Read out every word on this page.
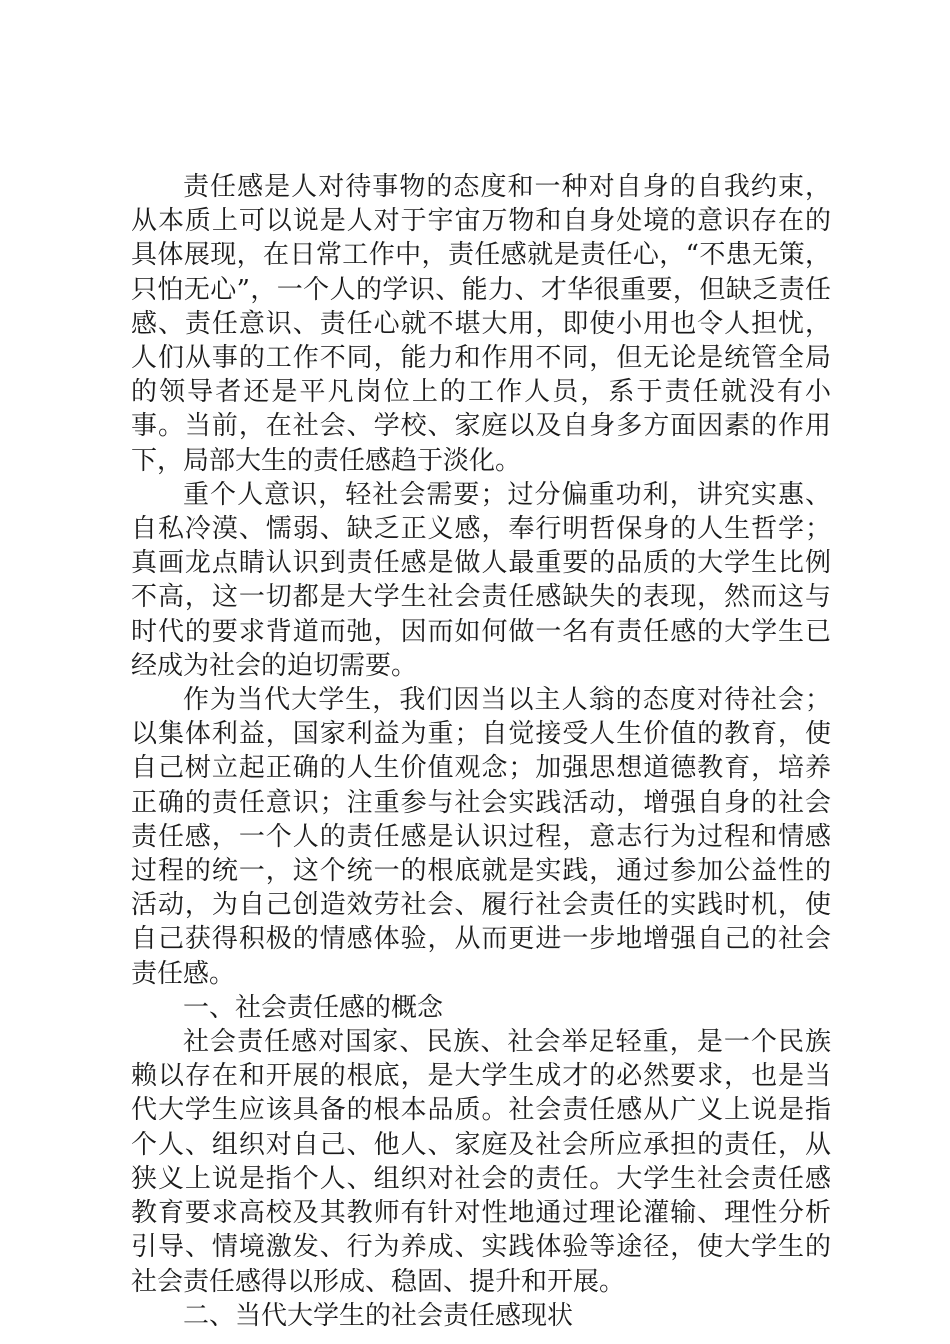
责任感是人对待事物的态度和一种对自身的自我约束，从本质上可以说是人对于宇宙万物和自身处境的意识存在的具体展现，在日常工作中，责任感就是责任心，“不患无策，只怕无心”，一个人的学识、能力、才华很重要，但缺乏责任感、责任意识、责任心就不堪大用，即使小用也令人担忧，人们从事的工作不同，能力和作用不同，但无论是统管全局的领导者还是平凡岗位上的工作人员，系于责任就没有小事。当前，在社会、学校、家庭以及自身多方面因素的作用下，局部大生的责任感趋于淡化。

重个人意识，轻社会需要；过分偏重功利，讲究实惠、自私冷漠、懦弱、缺乏正义感，奉行明哲保身的人生哲学；真画龙点睛认识到责任感是做人最重要的品质的大学生比例不高，这一切都是大学生社会责任感缺失的表现，然而这与时代的要求背道而弛，因而如何做一名有责任感的大学生已经成为社会的迫切需要。

作为当代大学生，我们因当以主人翁的态度对待社会；以集体利益，国家利益为重；自觉接受人生价值的教育，使自己树立起正确的人生价值观念；加强思想道德教育，培养正确的责任意识；注重参与社会实践活动，增强自身的社会责任感，一个人的责任感是认识过程，意志行为过程和情感过程的统一，这个统一的根底就是实践，通过参加公益性的活动，为自己创造效劳社会、履行社会责任的实践时机，使自己获得积极的情感体验，从而更进一步地增强自己的社会责任感。

一、社会责任感的概念

社会责任感对国家、民族、社会举足轻重，是一个民族赖以存在和开展的根底，是大学生成才的必然要求，也是当代大学生应该具备的根本品质。社会责任感从广义上说是指个人、组织对自己、他人、家庭及社会所应承担的责任，从狭义上说是指个人、组织对社会的责任。大学生社会责任感教育要求高校及其教师有针对性地通过理论灌输、理性分析引导、情境激发、行为养成、实践体验等途径，使大学生的社会责任感得以形成、稳固、提升和开展。

二、当代大学生的社会责任感现状
